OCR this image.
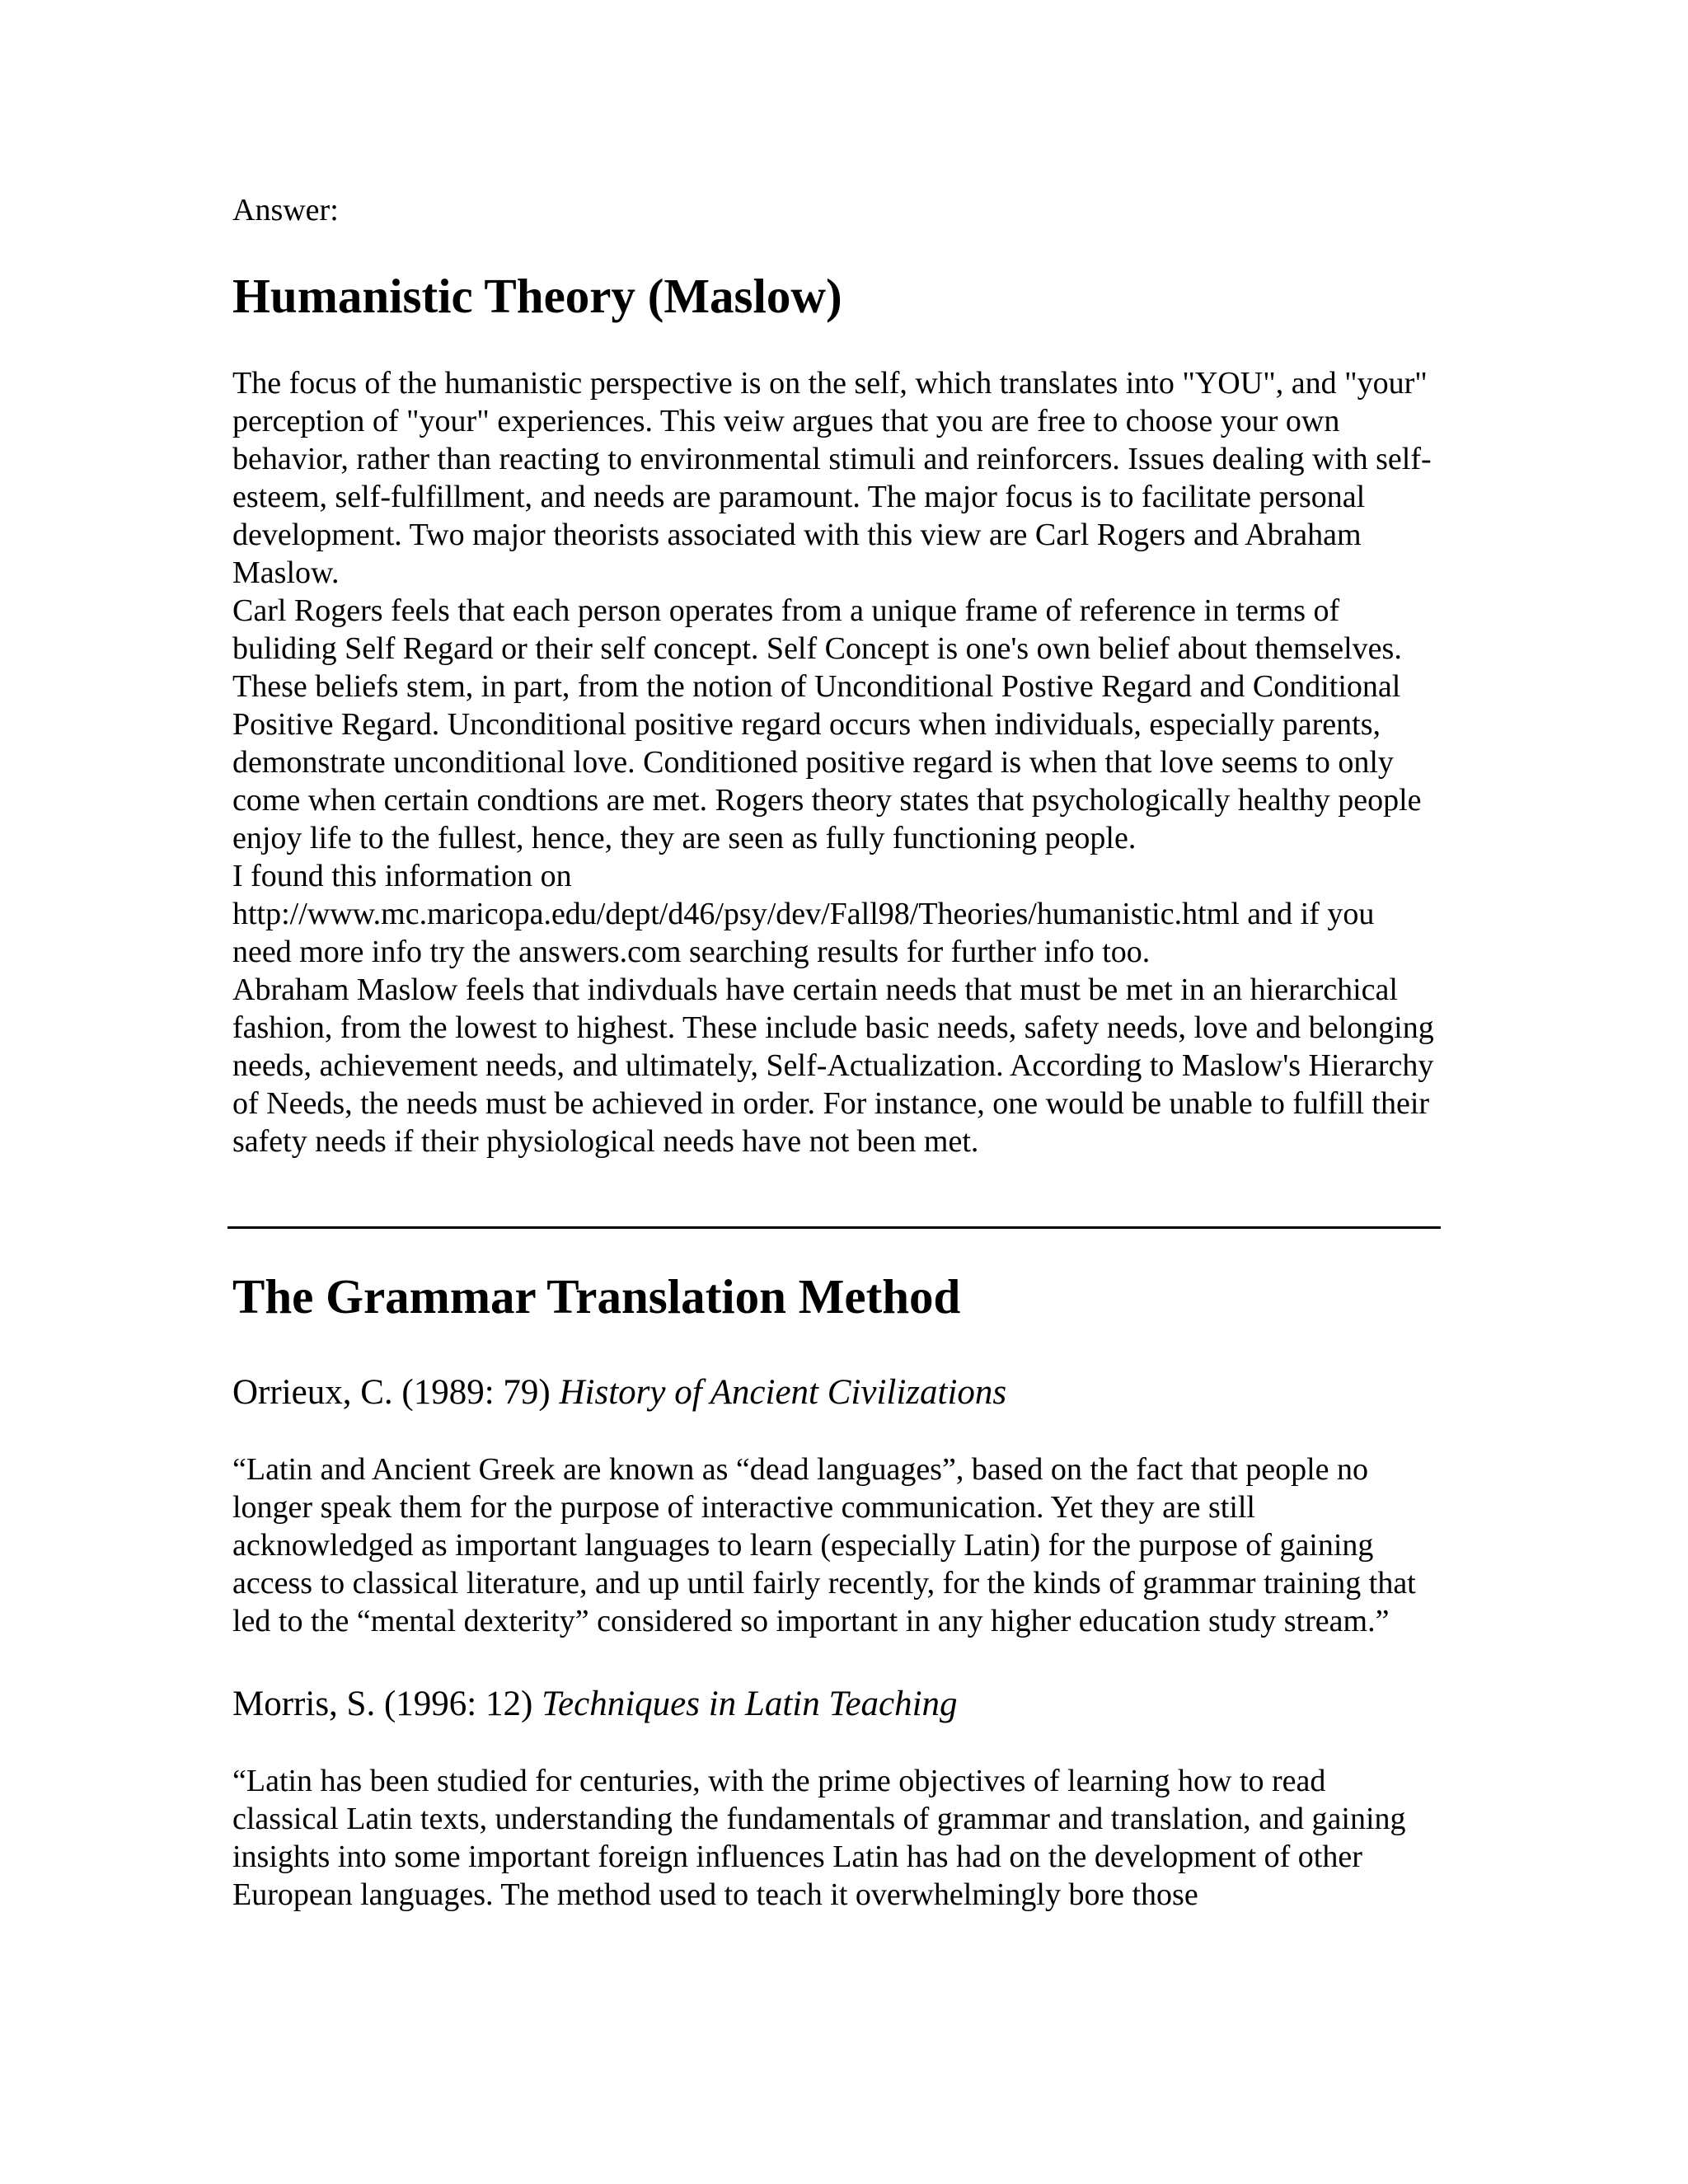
Answer:

Humanistic Theory (Maslow)

The focus of the humanistic perspective is on the self, which translates into "YOU", and "your" perception of "your" experiences. This veiw argues that you are free to choose your own behavior, rather than reacting to environmental stimuli and reinforcers. Issues dealing with self-esteem, self-fulfillment, and needs are paramount. The major focus is to facilitate personal development. Two major theorists associated with this view are Carl Rogers and Abraham Maslow.

Carl Rogers feels that each person operates from a unique frame of reference in terms of buliding Self Regard or their self concept. Self Concept is one's own belief about themselves. These beliefs stem, in part, from the notion of Unconditional Postive Regard and Conditional Positive Regard. Unconditional positive regard occurs when individuals, especially parents, demonstrate unconditional love. Conditioned positive regard is when that love seems to only come when certain condtions are met. Rogers theory states that psychologically healthy people enjoy life to the fullest, hence, they are seen as fully functioning people.

I found this information on http://www.mc.maricopa.edu/dept/d46/psy/dev/Fall98/Theories/humanistic.html and if you need more info try the answers.com searching results for further info too.

Abraham Maslow feels that indivduals have certain needs that must be met in an hierarchical fashion, from the lowest to highest. These include basic needs, safety needs, love and belonging needs, achievement needs, and ultimately, Self-Actualization. According to Maslow's Hierarchy of Needs, the needs must be achieved in order. For instance, one would be unable to fulfill their safety needs if their physiological needs have not been met.

The Grammar Translation Method

Orrieux, C. (1989: 79) History of Ancient Civilizations

“Latin and Ancient Greek are known as “dead languages”, based on the fact that people no longer speak them for the purpose of interactive communication. Yet they are still acknowledged as important languages to learn (especially Latin) for the purpose of gaining access to classical literature, and up until fairly recently, for the kinds of grammar training that led to the “mental dexterity” considered so important in any higher education study stream.”

Morris, S. (1996: 12) Techniques in Latin Teaching

“Latin has been studied for centuries, with the prime objectives of learning how to read classical Latin texts, understanding the fundamentals of grammar and translation, and gaining insights into some important foreign influences Latin has had on the development of other European languages. The method used to teach it overwhelmingly bore those
